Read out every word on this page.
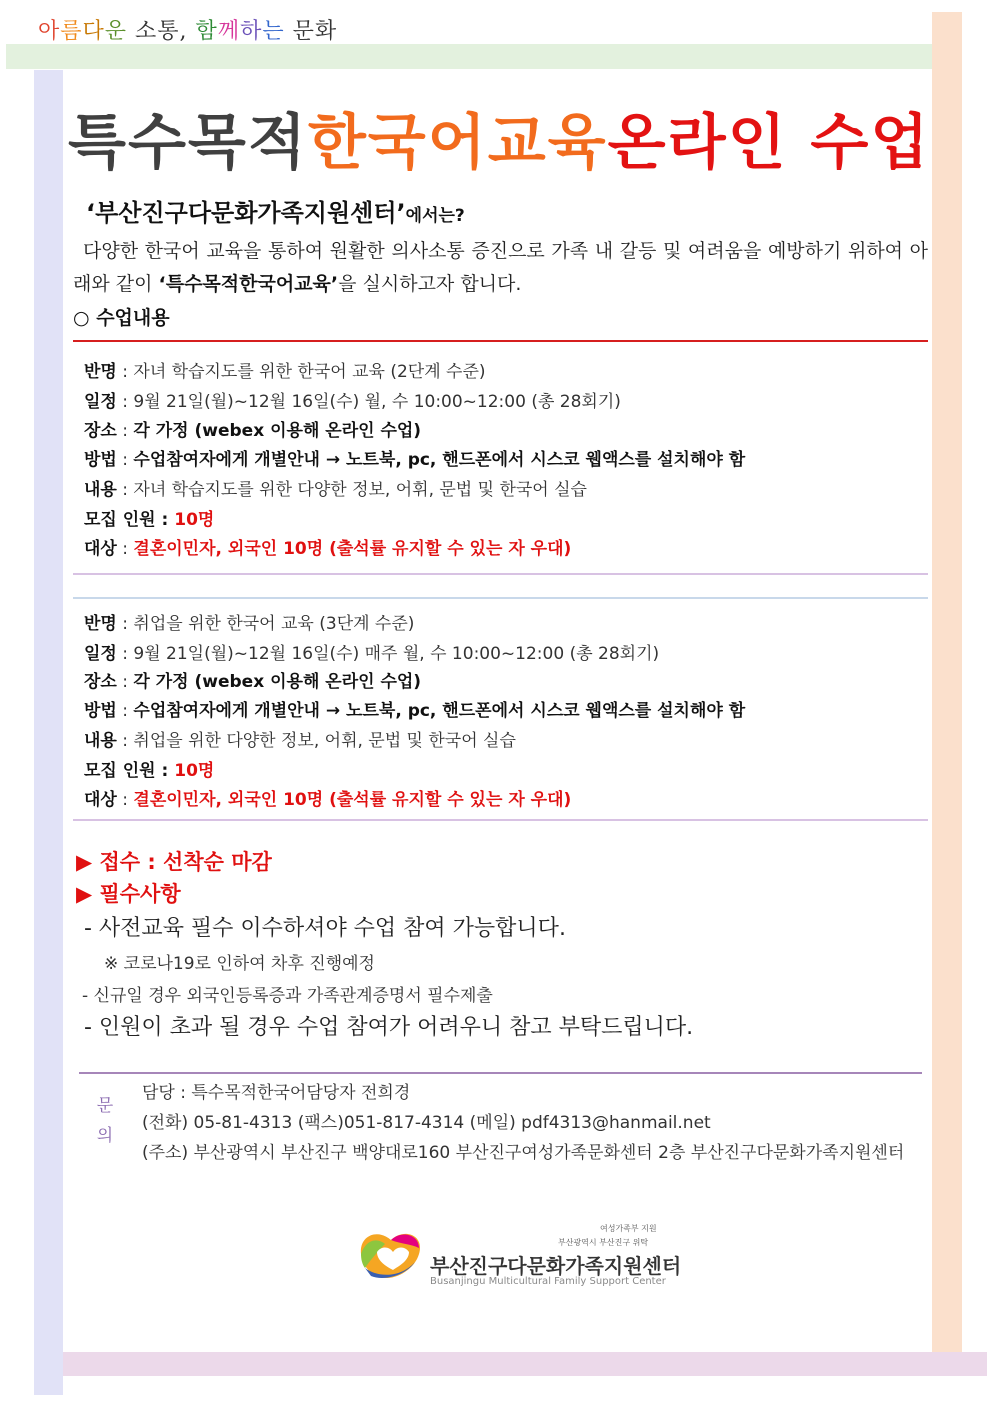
아름다운 소통, 함께하는 문화
특수목적한국어교육온라인 수업
‘부산진구다문화가족지원센터’에서는?
다양한 한국어 교육을 통하여 원활한 의사소통 증진으로 가족 내 갈등 및 여려움을 예방하기 위하여 아래와 같이 ‘특수목적한국어교육’을 실시하고자 합니다.
○ 수업내용
반명 : 자녀 학습지도를 위한 한국어 교육 (2단계 수준)
일정 : 9월 21일(월)~12월 16일(수) 월, 수 10:00~12:00 (총 28회기)
장소 : 각 가정 (webex 이용해 온라인 수업)
방법 : 수업참여자에게 개별안내 → 노트북, pc, 핸드폰에서 시스코 웹액스를 설치해야 함
내용 : 자녀 학습지도를 위한 다양한 정보, 어휘, 문법 및 한국어 실습
모집 인원 : 10명
대상 : 결혼이민자, 외국인 10명 (출석률 유지할 수 있는 자 우대)
반명 : 취업을 위한 한국어 교육 (3단계 수준)
일정 : 9월 21일(월)~12월 16일(수) 매주 월, 수 10:00~12:00 (총 28회기)
장소 : 각 가정 (webex 이용해 온라인 수업)
방법 : 수업참여자에게 개별안내 → 노트북, pc, 핸드폰에서 시스코 웹액스를 설치해야 함
내용 : 취업을 위한 다양한 정보, 어휘, 문법 및 한국어 실습
모집 인원 : 10명
대상 : 결혼이민자, 외국인 10명 (출석률 유지할 수 있는 자 우대)
▶ 접수 : 선착순 마감
▶ 필수사항
- 사전교육 필수 이수하셔야 수업 참여 가능합니다.
※ 코로나19로 인하여 차후 진행예정
- 신규일 경우 외국인등록증과 가족관계증명서 필수제출
- 인원이 초과 될 경우 수업 참여가 어려우니 참고 부탁드립니다.
문
의
담당 : 특수목적한국어담당자 전희경
(전화) 05-81-4313 (팩스)051-817-4314 (메일) pdf4313@hanmail.net
(주소) 부산광역시 부산진구 백양대로160 부산진구여성가족문화센터 2층 부산진구다문화가족지원센터
여성가족부 지원
부산광역시 부산진구 위탁
부산진구다문화가족지원센터
Busanjingu Multicultural Family Support Center
